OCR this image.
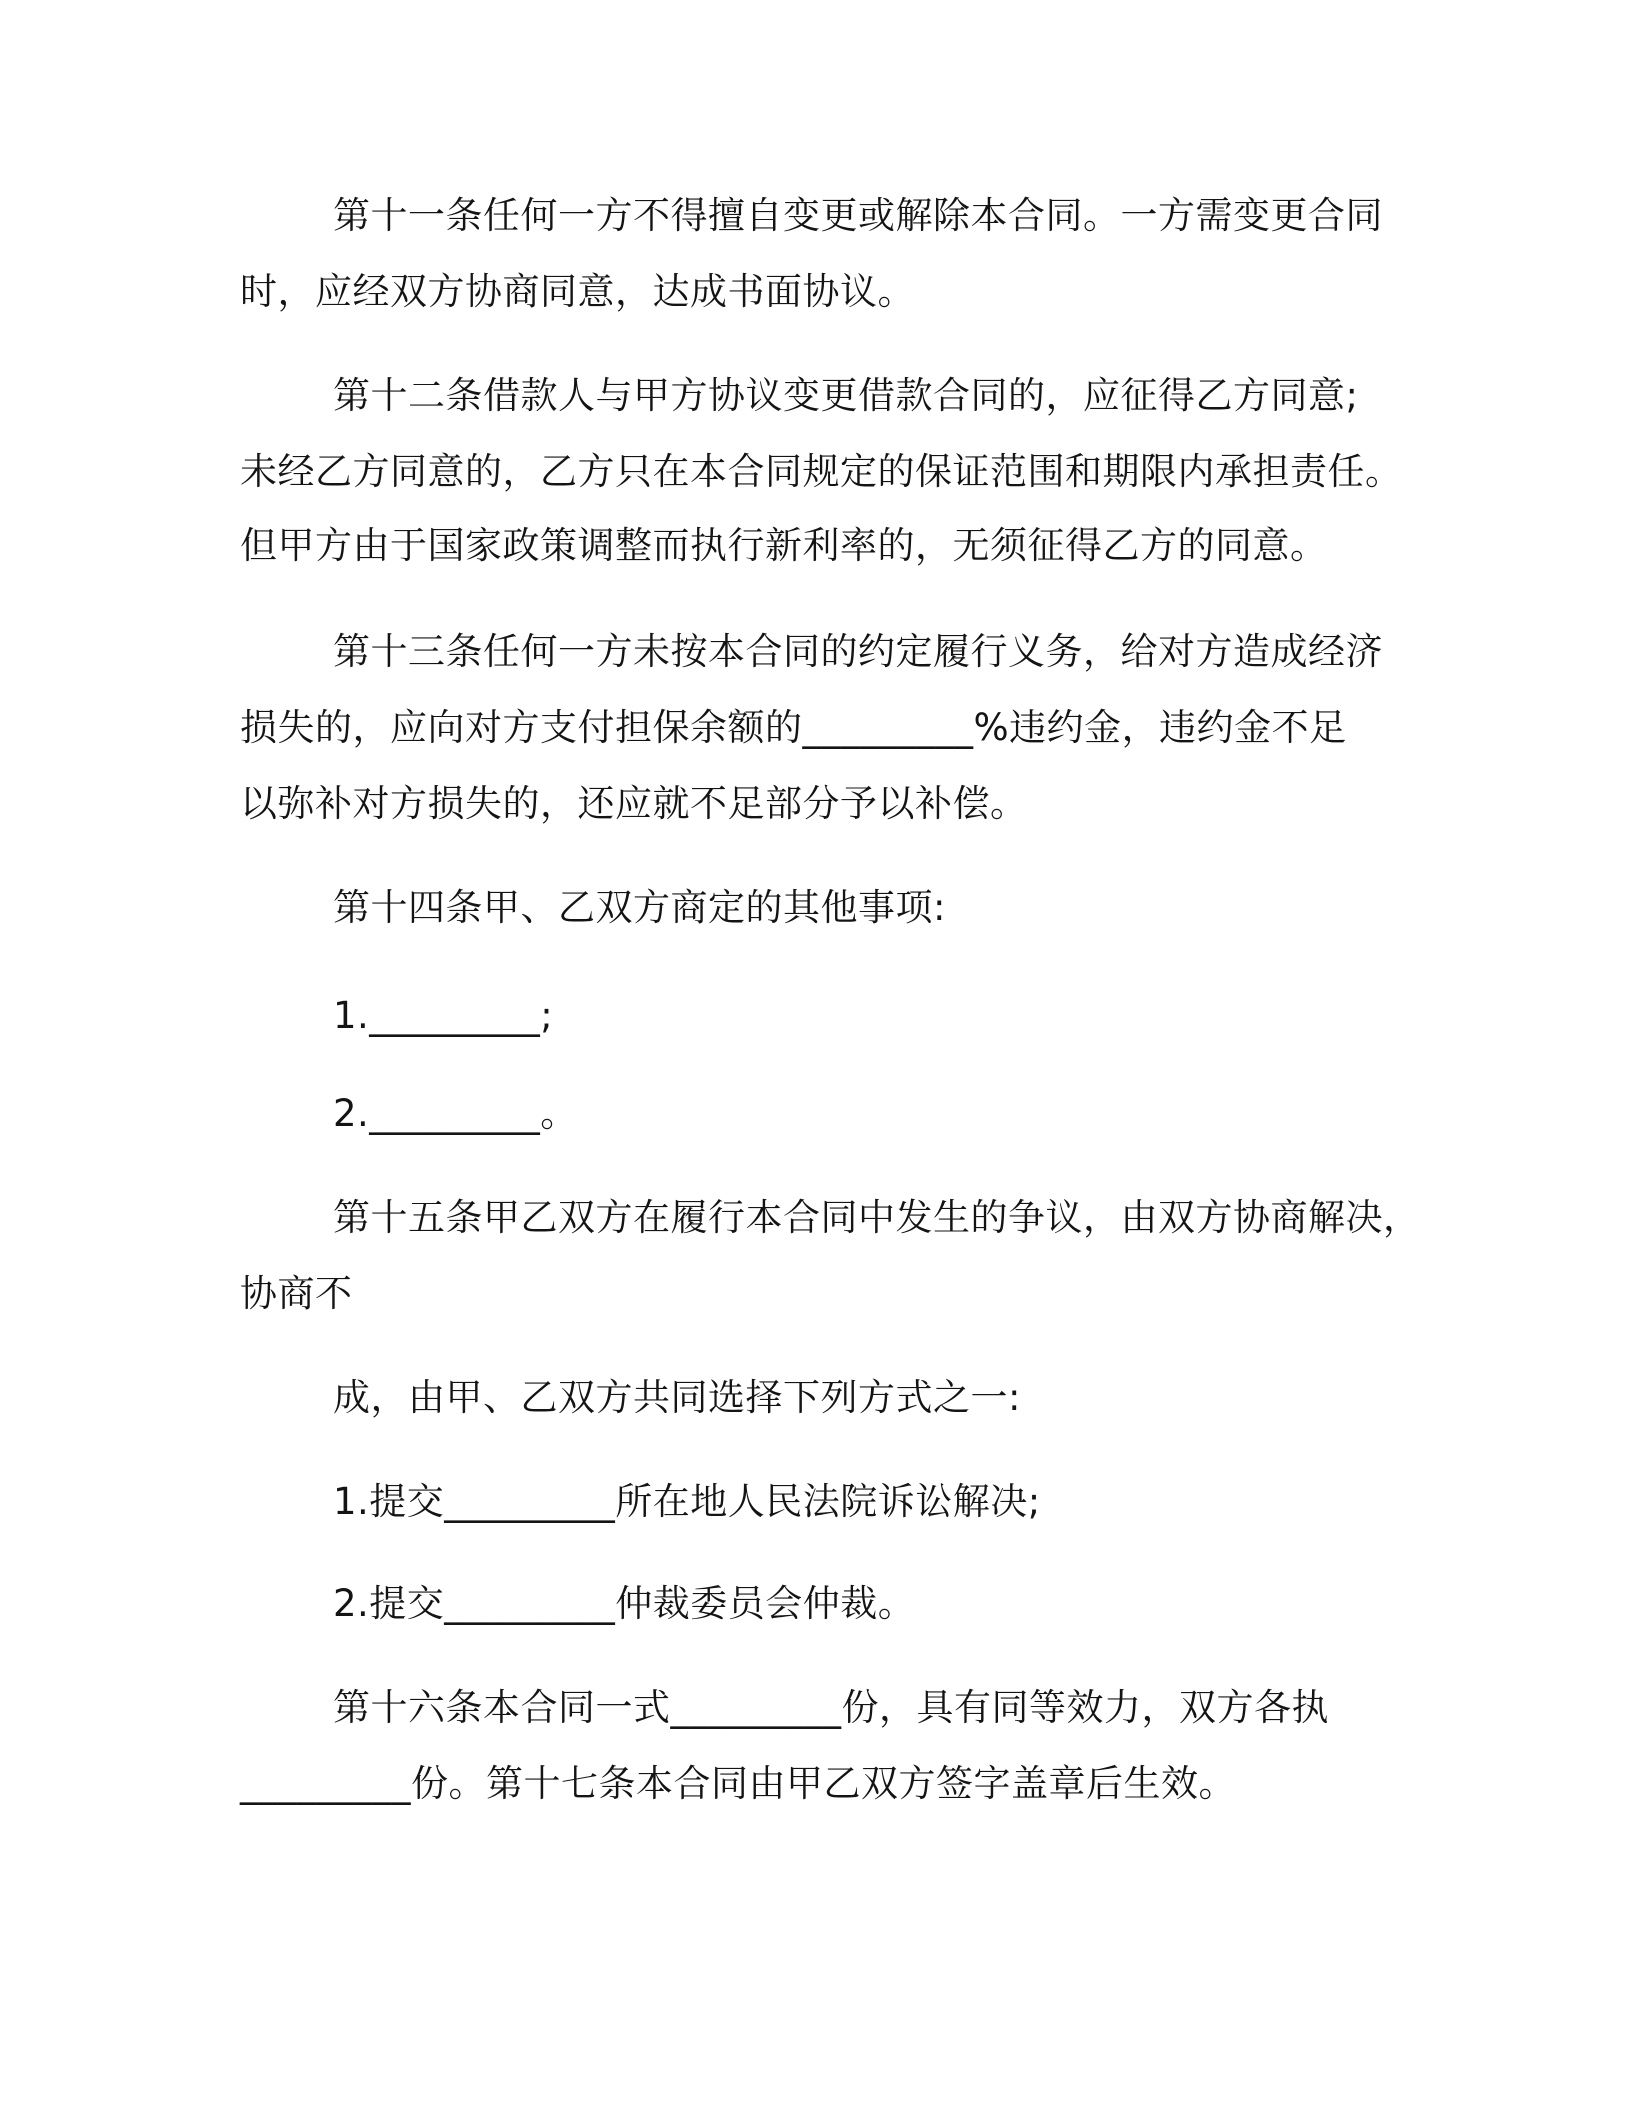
第十一条任何一方不得擅自变更或解除本合同。一方需变更合同
时，应经双方协商同意，达成书面协议。
第十二条借款人与甲方协议变更借款合同的，应征得乙方同意;
未经乙方同意的，乙方只在本合同规定的保证范围和期限内承担责任。
但甲方由于国家政策调整而执行新利率的，无须征得乙方的同意。
第十三条任何一方未按本合同的约定履行义务，给对方造成经济
损失的，应向对方支付担保余额的_________%违约金，违约金不足
以弥补对方损失的，还应就不足部分予以补偿。
第十四条甲、乙双方商定的其他事项:
1._________;
2._________。
第十五条甲乙双方在履行本合同中发生的争议，由双方协商解决，
协商不
成，由甲、乙双方共同选择下列方式之一:
1.提交_________所在地人民法院诉讼解决;
2.提交_________仲裁委员会仲裁。
第十六条本合同一式_________份，具有同等效力，双方各执
_________份。第十七条本合同由甲乙双方签字盖章后生效。
